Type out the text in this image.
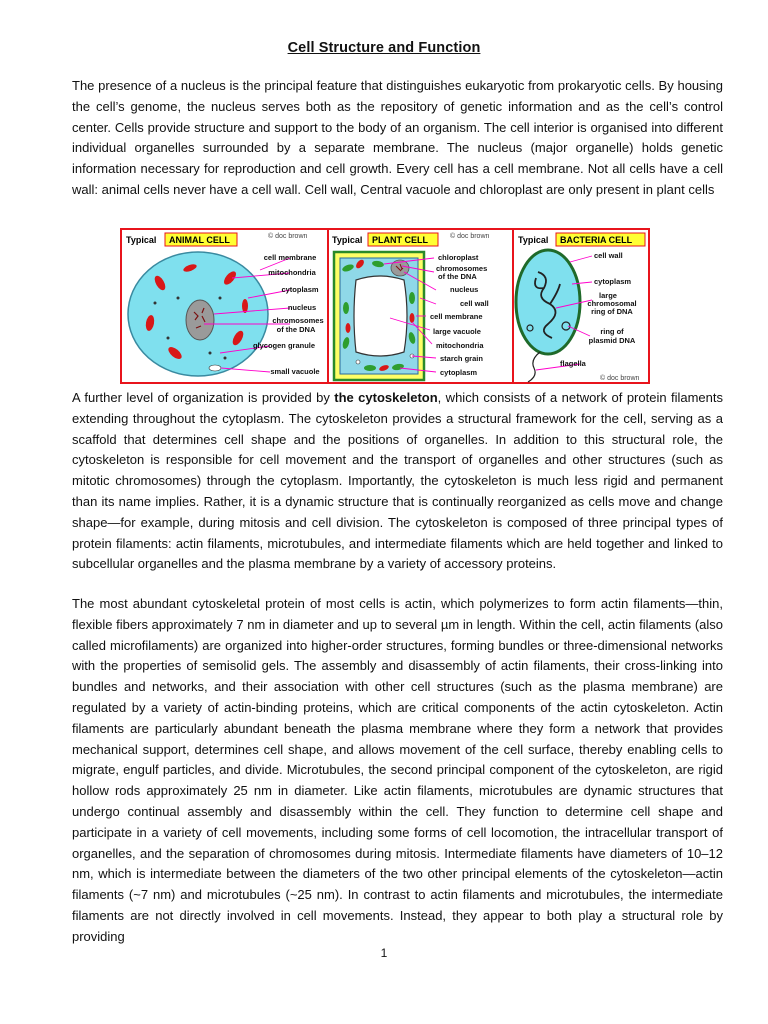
Cell Structure and Function

The presence of a nucleus is the principal feature that distinguishes eukaryotic from prokaryotic cells. By housing the cell’s genome, the nucleus serves both as the repository of genetic information and as the cell’s control center. Cells provide structure and support to the body of an organism. The cell interior is organised into different individual organelles surrounded by a separate membrane. The nucleus (major organelle) holds genetic information necessary for reproduction and cell growth. Every cell has a cell membrane. Not all cells have a cell wall: animal cells never have a cell wall. Cell wall, Central vacuole and chloroplast are only present in plant cells

Typical ANIMAL CELL	© doc brown
cell membrane
mitochondria
cytoplasm
nucleus
chromosomes
of the DNA
glycogen granule
small vacuole
Typical PLANT CELL	© doc brown
chloroplast
chromosomes
of the DNA
nucleus
cell wall
cell membrane
large vacuole
mitochondria
starch grain
cytoplasm
Typical BACTERIA CELL
cell wall
cytoplasm
large
chromosomal
ring of DNA
ring of
plasmid DNA
flagella
© doc brown

A further level of organization is provided by the cytoskeleton, which consists of a network of protein filaments extending throughout the cytoplasm. The cytoskeleton provides a structural framework for the cell, serving as a scaffold that determines cell shape and the positions of organelles. In addition to this structural role, the cytoskeleton is responsible for cell movement and the transport of organelles and other structures (such as mitotic chromosomes) through the cytoplasm. Importantly, the cytoskeleton is much less rigid and permanent than its name implies. Rather, it is a dynamic structure that is continually reorganized as cells move and change shape—for example, during mitosis and cell division. The cytoskeleton is composed of three principal types of protein filaments: actin filaments, microtubules, and intermediate filaments which are held together and linked to subcellular organelles and the plasma membrane by a variety of accessory proteins.

The most abundant cytoskeletal protein of most cells is actin, which polymerizes to form actin filaments—thin, flexible fibers approximately 7 nm in diameter and up to several µm in length. Within the cell, actin filaments (also called microfilaments) are organized into higher-order structures, forming bundles or three-dimensional networks with the properties of semisolid gels. The assembly and disassembly of actin filaments, their cross-linking into bundles and networks, and their association with other cell structures (such as the plasma membrane) are regulated by a variety of actin-binding proteins, which are critical components of the actin cytoskeleton. Actin filaments are particularly abundant beneath the plasma membrane where they form a network that provides mechanical support, determines cell shape, and allows movement of the cell surface, thereby enabling cells to migrate, engulf particles, and divide. Microtubules, the second principal component of the cytoskeleton, are rigid hollow rods approximately 25 nm in diameter. Like actin filaments, microtubules are dynamic structures that undergo continual assembly and disassembly within the cell. They function to determine cell shape and participate in a variety of cell movements, including some forms of cell locomotion, the intracellular transport of organelles, and the separation of chromosomes during mitosis. Intermediate filaments have diameters of 10–12 nm, which is intermediate between the diameters of the two other principal elements of the cytoskeleton—actin filaments (~7 nm) and microtubules (~25 nm). In contrast to actin filaments and microtubules, the intermediate filaments are not directly involved in cell movements. Instead, they appear to both play a structural role by providing

1
